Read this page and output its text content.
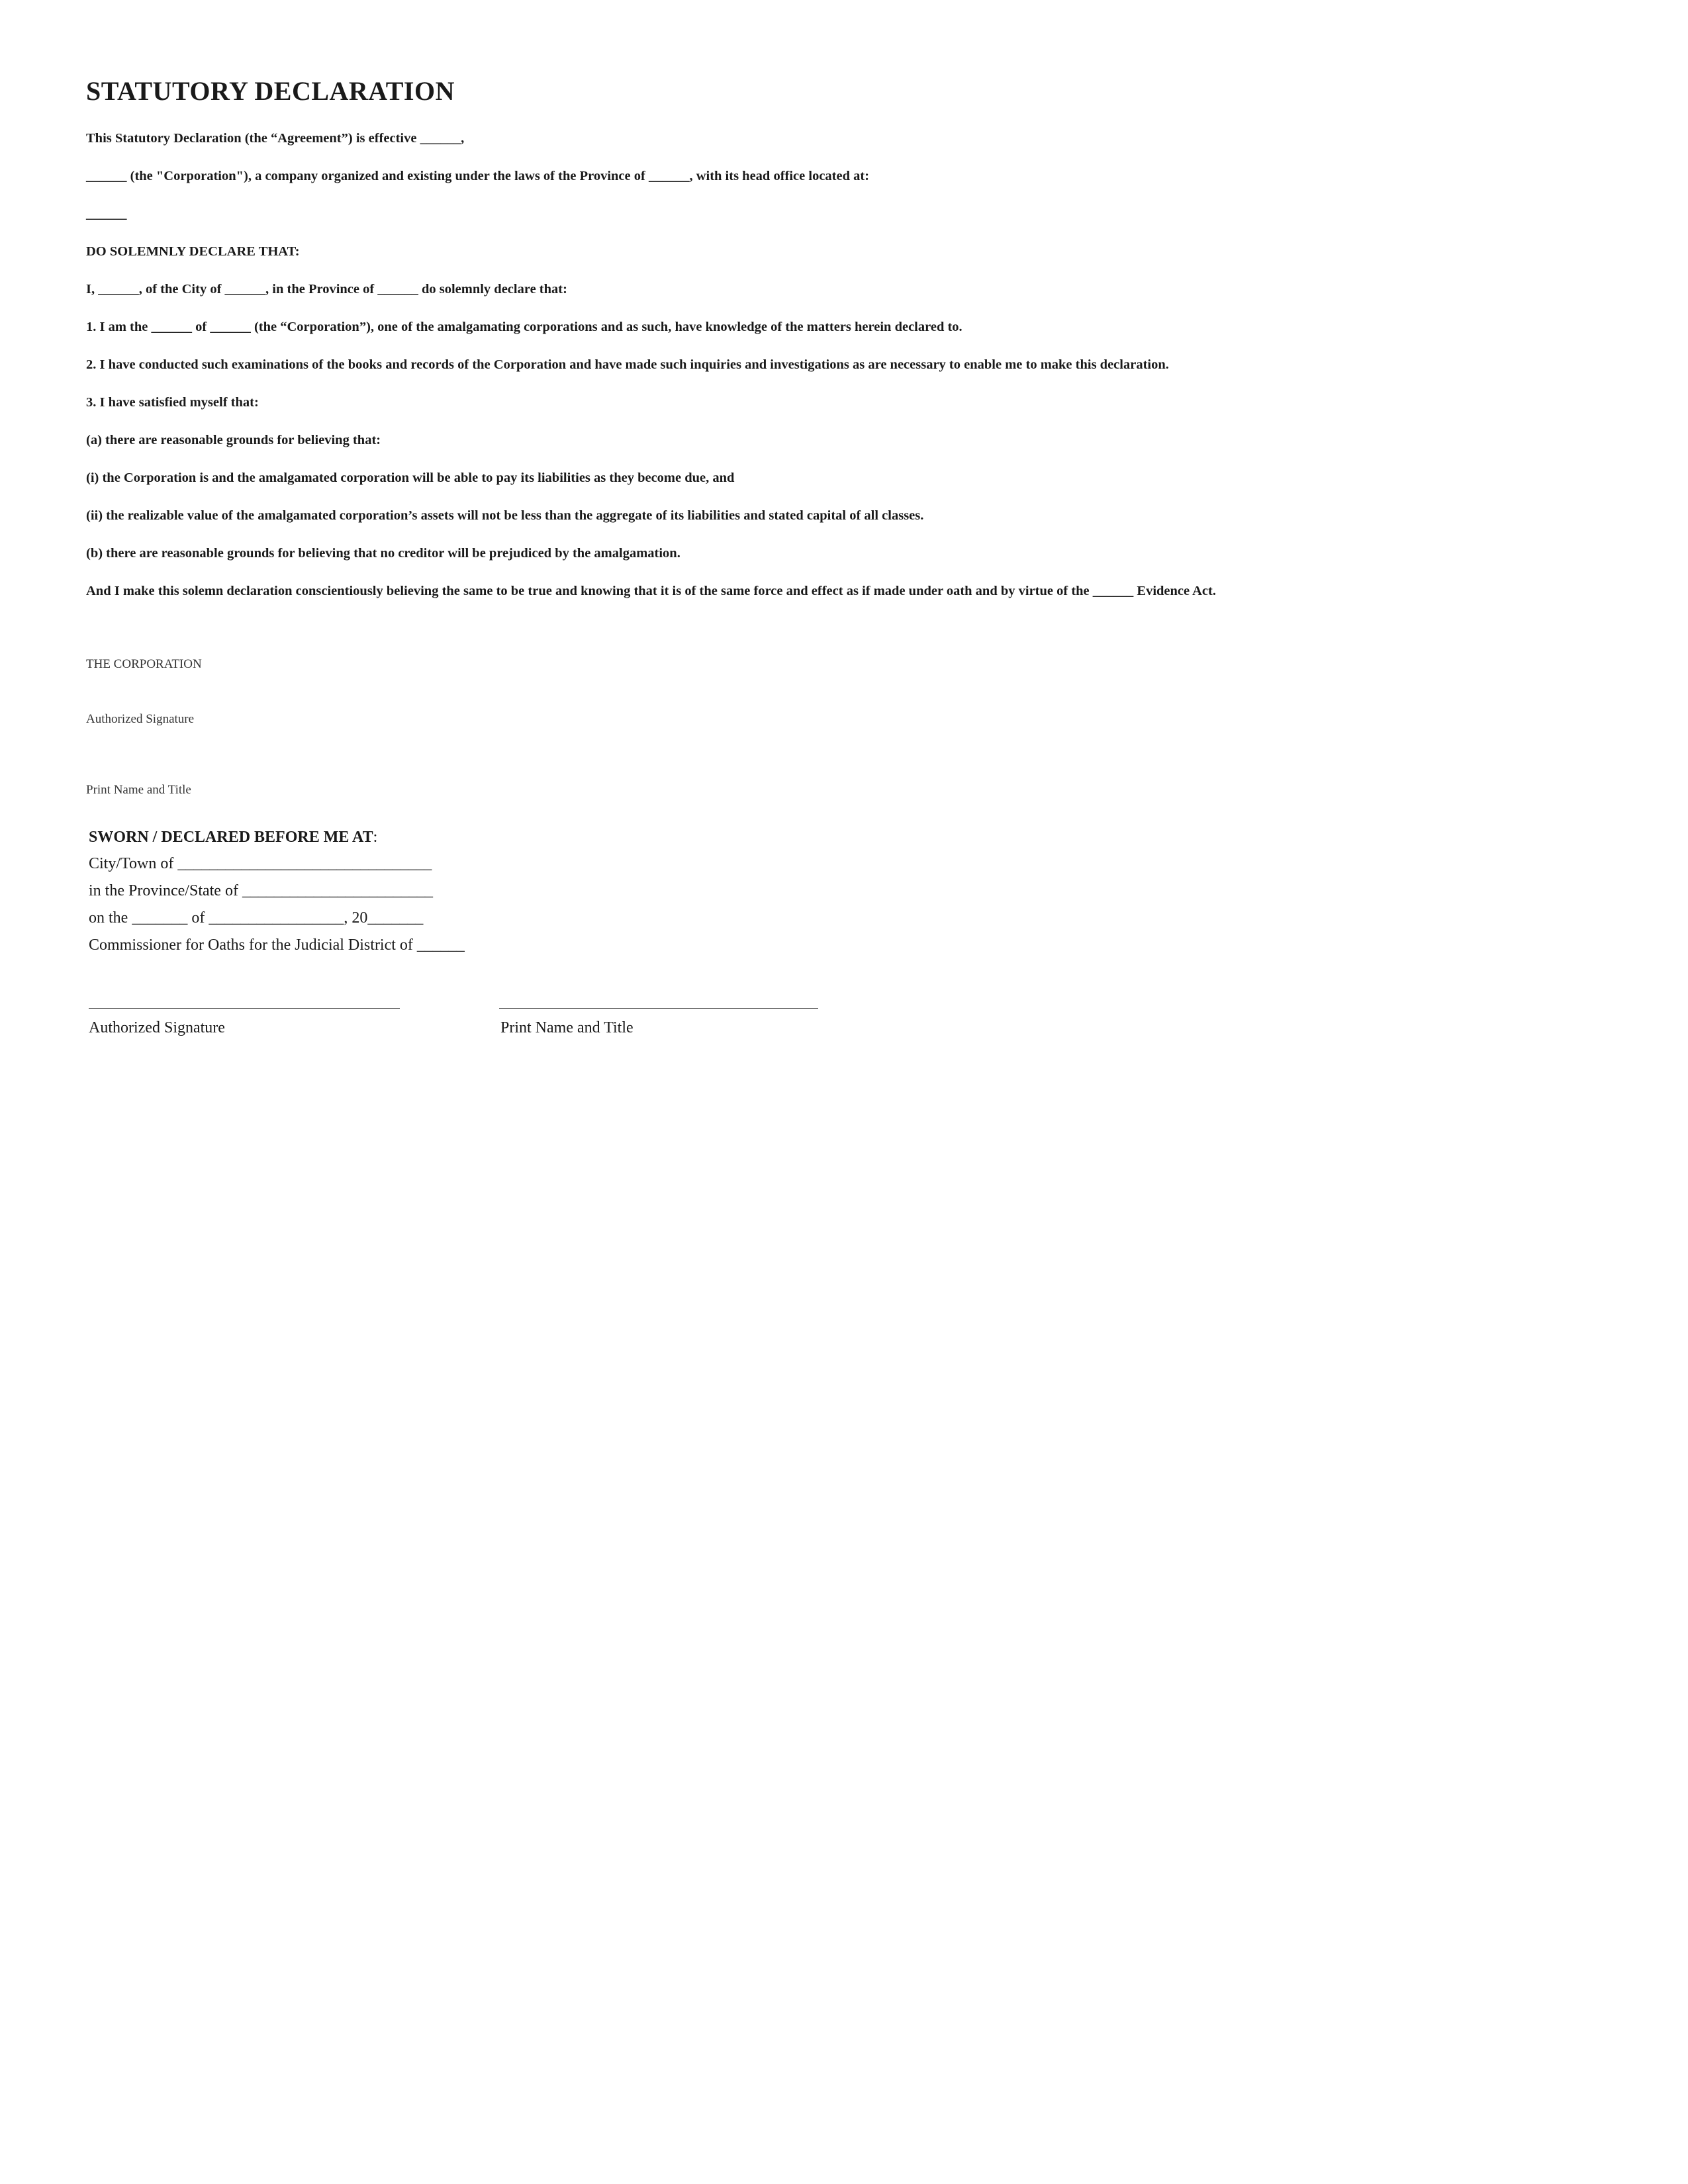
STATUTORY DECLARATION
This Statutory Declaration (the “Agreement”) is effective ______,
______ (the "Corporation"), a company organized and existing under the laws of the Province of ______, with its head office located at:
______
DO SOLEMNLY DECLARE THAT:
I, ______, of the City of ______, in the Province of ______ do solemnly declare that:
1. I am the ______ of ______ (the “Corporation”), one of the amalgamating corporations and as such, have knowledge of the matters herein declared to.
2. I have conducted such examinations of the books and records of the Corporation and have made such inquiries and investigations as are necessary to enable me to make this declaration.
3. I have satisfied myself that:
(a) there are reasonable grounds for believing that:
(i) the Corporation is and the amalgamated corporation will be able to pay its liabilities as they become due, and
(ii) the realizable value of the amalgamated corporation’s assets will not be less than the aggregate of its liabilities and stated capital of all classes.
(b) there are reasonable grounds for believing that no creditor will be prejudiced by the amalgamation.
And I make this solemn declaration conscientiously believing the same to be true and knowing that it is of the same force and effect as if made under oath and by virtue of the ______ Evidence Act.
THE CORPORATION
Authorized Signature
Print Name and Title
SWORN / DECLARED BEFORE ME AT:
City/Town of ________________________________
in the Province/State of ________________________
on the _______ of _________________, 20_______
Commissioner for Oaths for the Judicial District of ______
Authorized Signature	Print Name and Title
